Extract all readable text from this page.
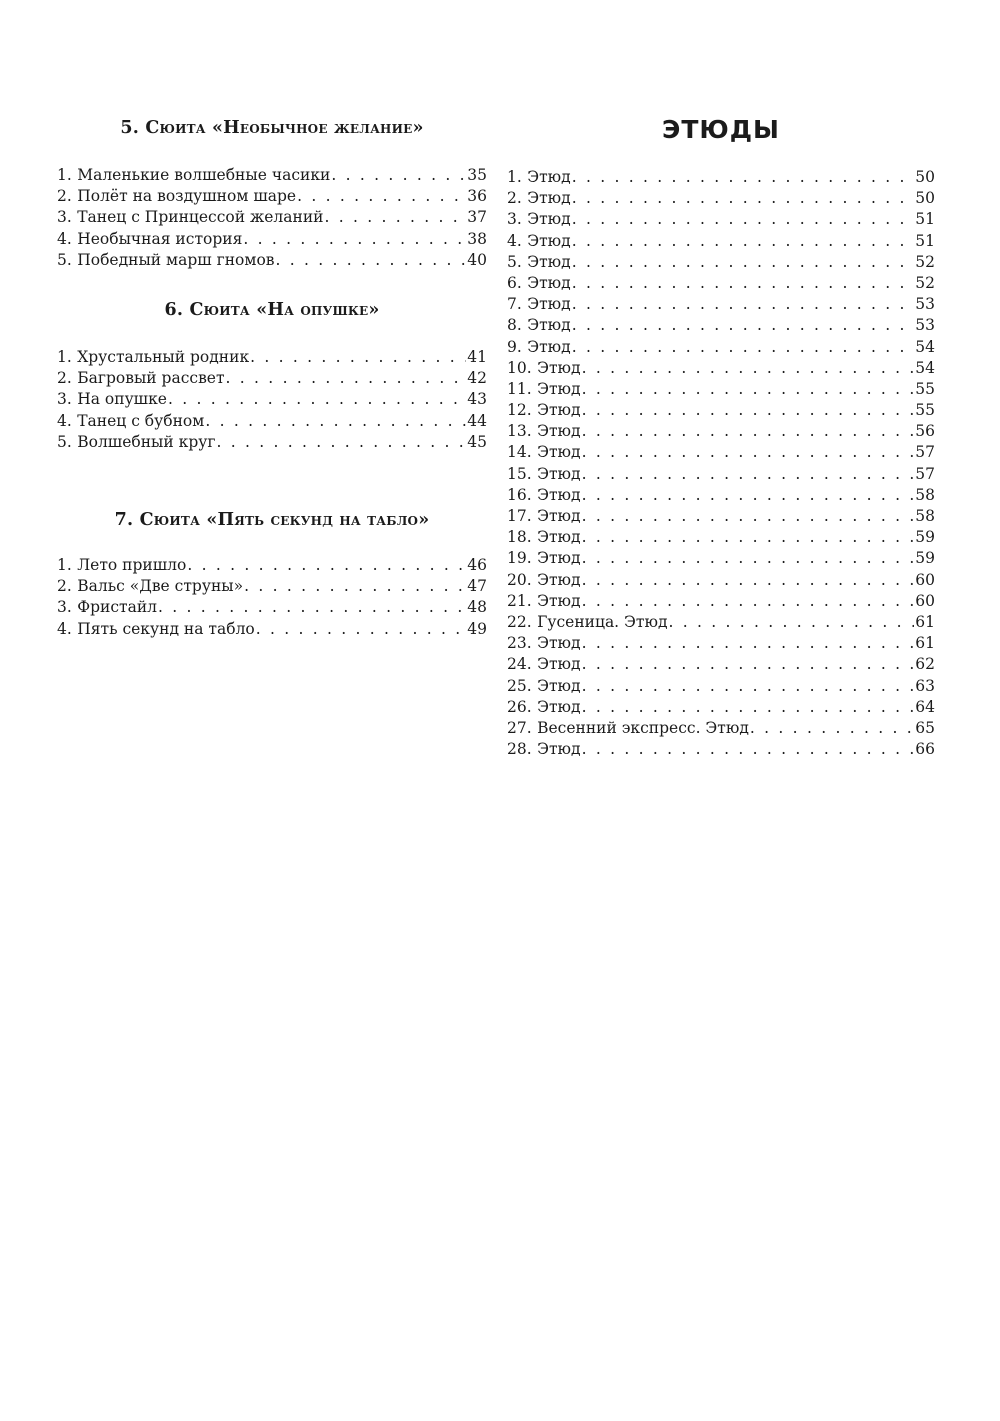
5. Сюита «Необычное желание»
1. Маленькие волшебные часики . . .	35
2. Полёт на воздушном шаре . . .	36
3. Танец с Принцессой желаний . . .	37
4. Необычная история . . .	38
5. Победный марш гномов . . .	40
6. Сюита «На опушке»
1. Хрустальный родник . . .	41
2. Багровый рассвет . . .	42
3. На опушке . . .	43
4. Танец с бубном . . .	44
5. Волшебный круг . . .	45
7. Сюита «Пять секунд на табло»
1. Лето пришло . . .	46
2. Вальс «Две струны» . . .	47
3. Фристайл . . .	48
4. Пять секунд на табло . . .	49
ЭТЮДЫ
1. Этюд . . .	50
2. Этюд . . .	50
3. Этюд . . .	51
4. Этюд . . .	51
5. Этюд . . .	52
6. Этюд . . .	52
7. Этюд . . .	53
8. Этюд . . .	53
9. Этюд . . .	54
10. Этюд . . .	54
11. Этюд . . .	55
12. Этюд . . .	55
13. Этюд . . .	56
14. Этюд . . .	57
15. Этюд . . .	57
16. Этюд . . .	58
17. Этюд . . .	58
18. Этюд . . .	59
19. Этюд . . .	59
20. Этюд . . .	60
21. Этюд . . .	60
22. Гусеница. Этюд . . .	61
23. Этюд . . .	61
24. Этюд . . .	62
25. Этюд . . .	63
26. Этюд . . .	64
27. Весенний экспресс. Этюд . . .	65
28. Этюд . . .	66
